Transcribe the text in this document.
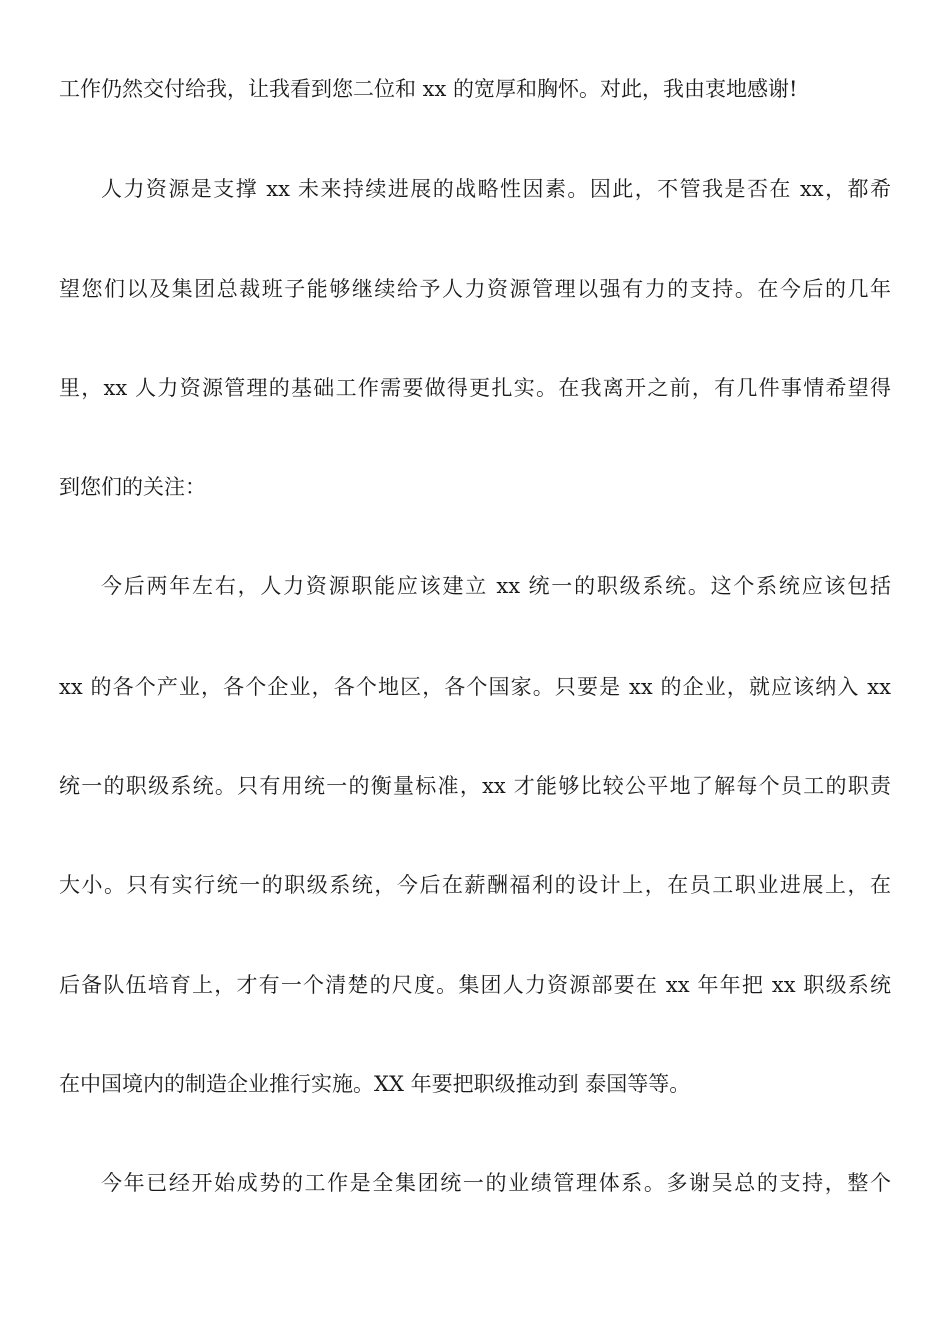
工作仍然交付给我，让我看到您二位和 xx 的宽厚和胸怀。对此，我由衷地感谢!
人力资源是支撑 xx 未来持续进展的战略性因素。因此，不管我是否在 xx，都希
望您们以及集团总裁班子能够继续给予人力资源管理以强有力的支持。在今后的几年
里，xx 人力资源管理的基础工作需要做得更扎实。在我离开之前，有几件事情希望得
到您们的关注：
今后两年左右，人力资源职能应该建立 xx 统一的职级系统。这个系统应该包括
xx 的各个产业，各个企业，各个地区，各个国家。只要是 xx 的企业，就应该纳入 xx
统一的职级系统。只有用统一的衡量标准，xx 才能够比较公平地了解每个员工的职责
大小。只有实行统一的职级系统，今后在薪酬福利的设计上，在员工职业进展上，在
后备队伍培育上，才有一个清楚的尺度。集团人力资源部要在 xx 年年把 xx 职级系统
在中国境内的制造企业推行实施。XX 年要把职级推动到 泰国等等。
今年已经开始成势的工作是全集团统一的业绩管理体系。多谢吴总的支持，整个
